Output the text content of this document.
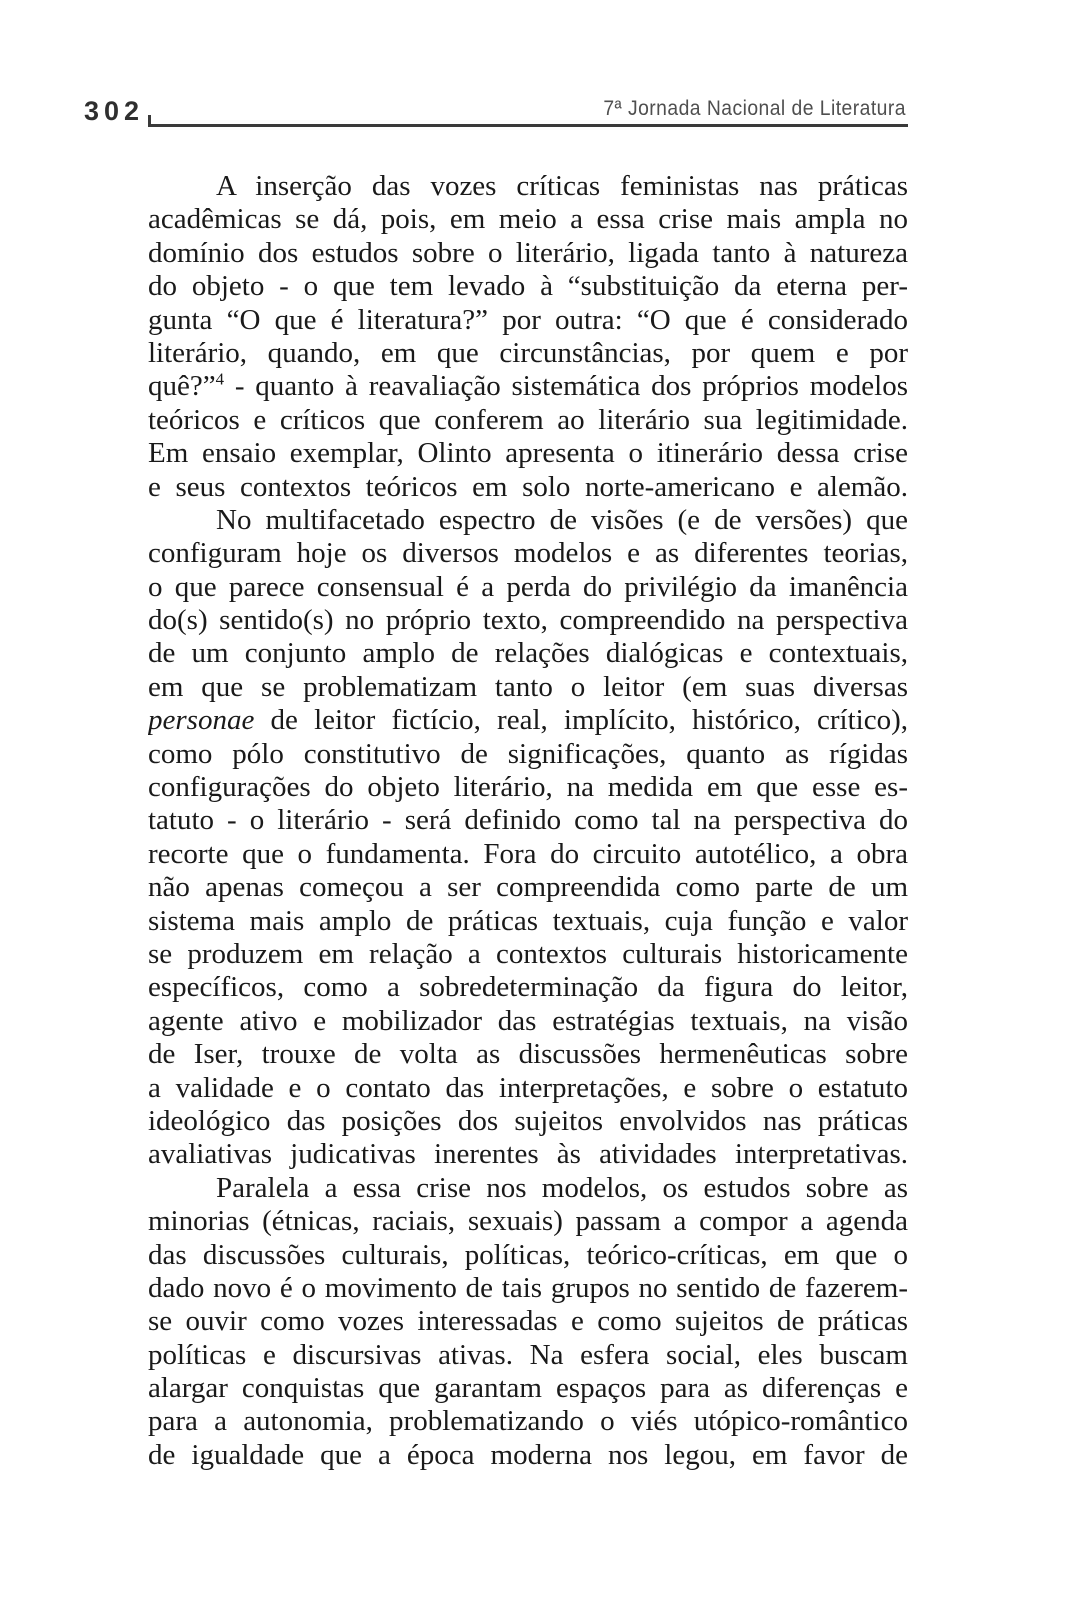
302	7ª Jornada Nacional de Literatura
A inserção das vozes críticas feministas nas práticas
acadêmicas se dá, pois, em meio a essa crise mais ampla no
domínio dos estudos sobre o literário, ligada tanto à natureza
do objeto - o que tem levado à “substituição da eterna per-
gunta “O que é literatura?” por outra: “O que é considerado
literário, quando, em que circunstâncias, por quem e por
quê?”$^4$ - quanto à reavaliação sistemática dos próprios modelos
teóricos e críticos que conferem ao literário sua legitimidade.
Em ensaio exemplar, Olinto apresenta o itinerário dessa crise
e seus contextos teóricos em solo norte-americano e alemão.
No multifacetado espectro de visões (e de versões) que
configuram hoje os diversos modelos e as diferentes teorias,
o que parece consensual é a perda do privilégio da imanência
do(s) sentido(s) no próprio texto, compreendido na perspectiva
de um conjunto amplo de relações dialógicas e contextuais,
em que se problematizam tanto o leitor (em suas diversas
personae de leitor fictício, real, implícito, histórico, crítico),
como pólo constitutivo de significações, quanto as rígidas
configurações do objeto literário, na medida em que esse es-
tatuto - o literário - será definido como tal na perspectiva do
recorte que o fundamenta. Fora do circuito autotélico, a obra
não apenas começou a ser compreendida como parte de um
sistema mais amplo de práticas textuais, cuja função e valor
se produzem em relação a contextos culturais historicamente
específicos, como a sobredeterminação da figura do leitor,
agente ativo e mobilizador das estratégias textuais, na visão
de Iser, trouxe de volta as discussões hermenêuticas sobre
a validade e o contato das interpretações, e sobre o estatuto
ideológico das posições dos sujeitos envolvidos nas práticas
avaliativas judicativas inerentes às atividades interpretativas.
Paralela a essa crise nos modelos, os estudos sobre as
minorias (étnicas, raciais, sexuais) passam a compor a agenda
das discussões culturais, políticas, teórico-críticas, em que o
dado novo é o movimento de tais grupos no sentido de fazerem-
se ouvir como vozes interessadas e como sujeitos de práticas
políticas e discursivas ativas. Na esfera social, eles buscam
alargar conquistas que garantam espaços para as diferenças e
para a autonomia, problematizando o viés utópico-romântico
de igualdade que a época moderna nos legou, em favor de
